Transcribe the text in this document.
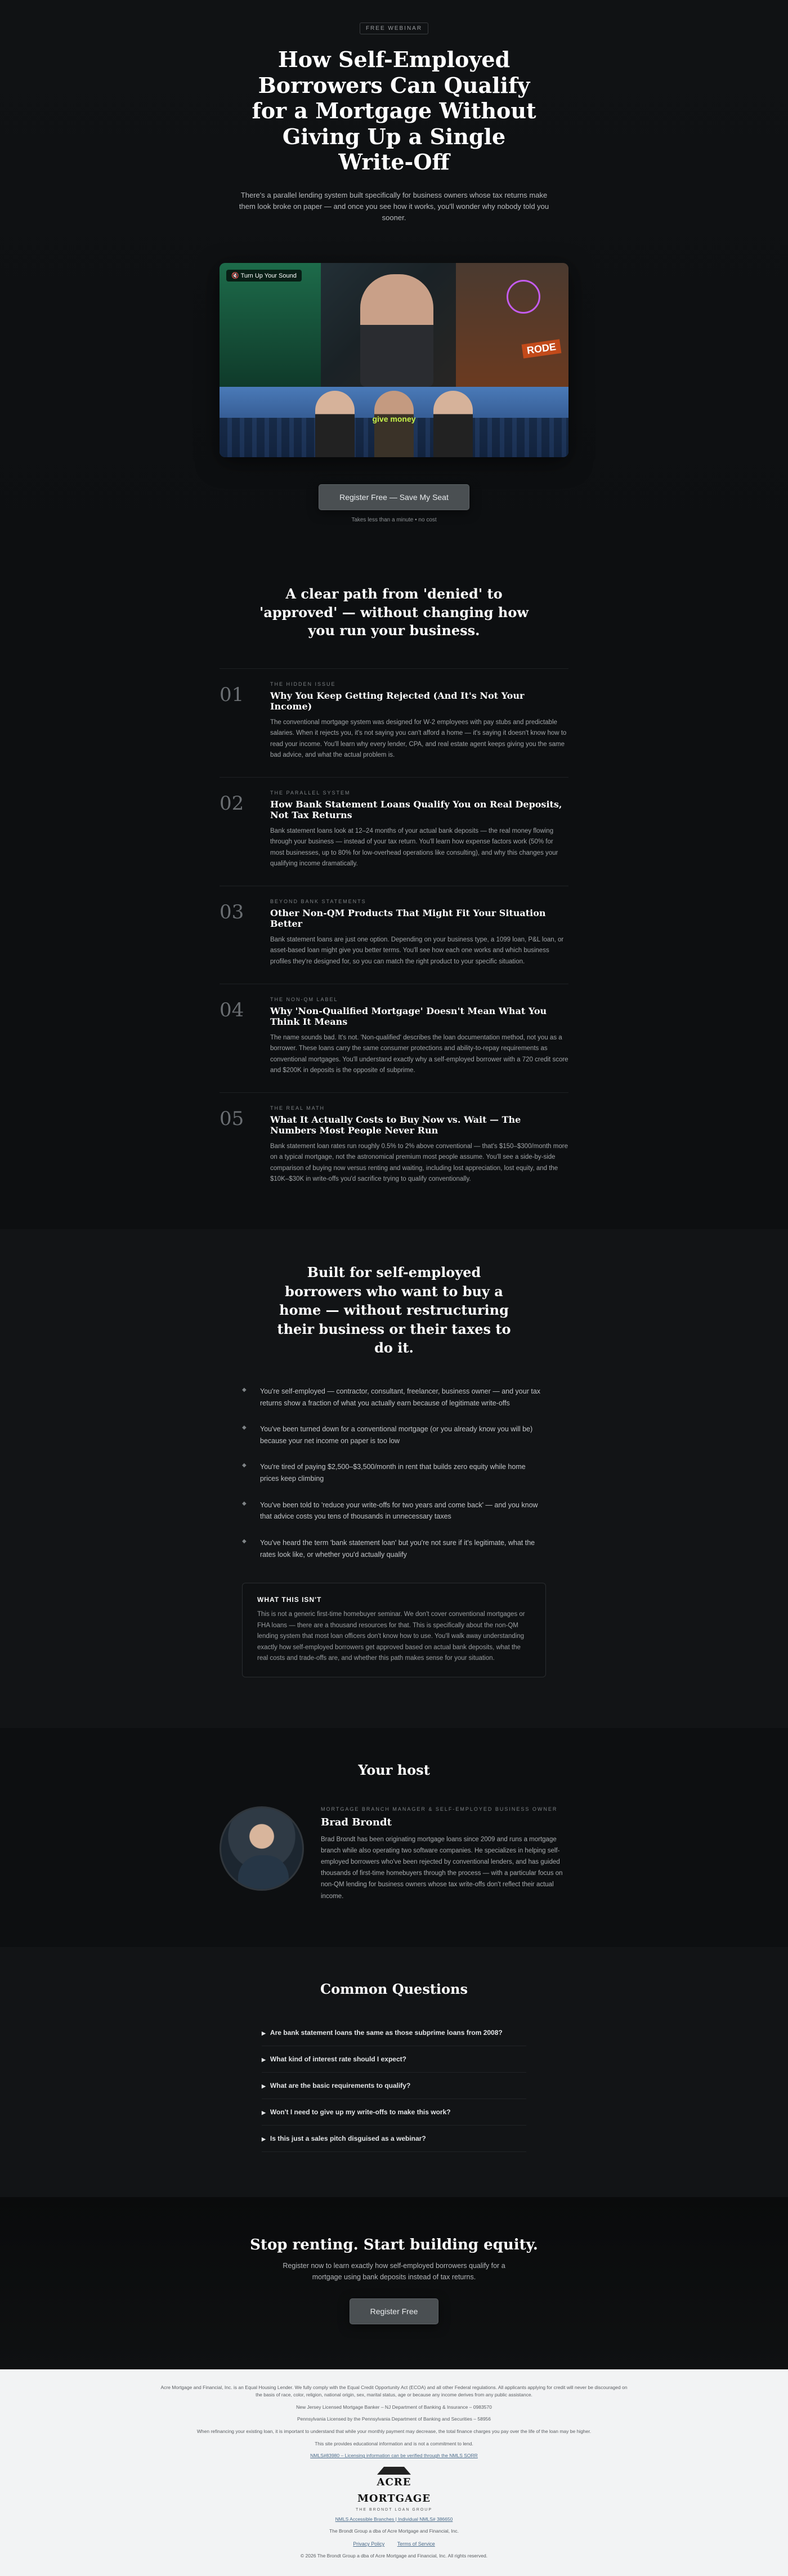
FREE WEBINAR
How Self-Employed Borrowers Can Qualify for a Mortgage Without Giving Up a Single Write-Off

There's a parallel lending system built specifically for business owners whose tax returns make them look broke on paper — and once you see how it works, you'll wonder why nobody told you sooner.

RODE
give money
🔇 Turn Up Your Sound
Register Free — Save My Seat
Takes less than a minute • no cost
A clear path from 'denied' to 'approved' — without changing how you run your business.
01	THE HIDDEN ISSUE
Why You Keep Getting Rejected (And It's Not Your Income)

The conventional mortgage system was designed for W-2 employees with pay stubs and predictable salaries. When it rejects you, it's not saying you can't afford a home — it's saying it doesn't know how to read your income. You'll learn why every lender, CPA, and real estate agent keeps giving you the same bad advice, and what the actual problem is.

02	THE PARALLEL SYSTEM
How Bank Statement Loans Qualify You on Real Deposits, Not Tax Returns

Bank statement loans look at 12–24 months of your actual bank deposits — the real money flowing through your business — instead of your tax return. You'll learn how expense factors work (50% for most businesses, up to 80% for low-overhead operations like consulting), and why this changes your qualifying income dramatically.

03	BEYOND BANK STATEMENTS
Other Non-QM Products That Might Fit Your Situation Better

Bank statement loans are just one option. Depending on your business type, a 1099 loan, P&L loan, or asset-based loan might give you better terms. You'll see how each one works and which business profiles they're designed for, so you can match the right product to your specific situation.

04	THE NON-QM LABEL
Why 'Non-Qualified Mortgage' Doesn't Mean What You Think It Means

The name sounds bad. It's not. 'Non-qualified' describes the loan documentation method, not you as a borrower. These loans carry the same consumer protections and ability-to-repay requirements as conventional mortgages. You'll understand exactly why a self-employed borrower with a 720 credit score and $200K in deposits is the opposite of subprime.

05	THE REAL MATH
What It Actually Costs to Buy Now vs. Wait — The Numbers Most People Never Run

Bank statement loan rates run roughly 0.5% to 2% above conventional — that's $150–$300/month more on a typical mortgage, not the astronomical premium most people assume. You'll see a side-by-side comparison of buying now versus renting and waiting, including lost appreciation, lost equity, and the $10K–$30K in write-offs you'd sacrifice trying to qualify conventionally.

Built for self-employed borrowers who want to buy a home — without restructuring their business or their taxes to do it.
◆ You're self-employed — contractor, consultant, freelancer, business owner — and your tax returns show a fraction of what you actually earn because of legitimate write-offs
◆ You've been turned down for a conventional mortgage (or you already know you will be) because your net income on paper is too low
◆ You're tired of paying $2,500–$3,500/month in rent that builds zero equity while home prices keep climbing
◆ You've been told to 'reduce your write-offs for two years and come back' — and you know that advice costs you tens of thousands in unnecessary taxes
◆ You've heard the term 'bank statement loan' but you're not sure if it's legitimate, what the rates look like, or whether you'd actually qualify
WHAT THIS ISN'T

This is not a generic first-time homebuyer seminar. We don't cover conventional mortgages or FHA loans — there are a thousand resources for that. This is specifically about the non-QM lending system that most loan officers don't know how to use. You'll walk away understanding exactly how self-employed borrowers get approved based on actual bank deposits, what the real costs and trade-offs are, and whether this path makes sense for your situation.

Your host
MORTGAGE BRANCH MANAGER & SELF-EMPLOYED BUSINESS OWNER
Brad Brondt

Brad Brondt has been originating mortgage loans since 2009 and runs a mortgage branch while also operating two software companies. He specializes in helping self-employed borrowers who've been rejected by conventional lenders, and has guided thousands of first-time homebuyers through the process — with a particular focus on non-QM lending for business owners whose tax write-offs don't reflect their actual income.

Common Questions
▶ Are bank statement loans the same as those subprime loans from 2008?
▶ What kind of interest rate should I expect?
▶ What are the basic requirements to qualify?
▶ Won't I need to give up my write-offs to make this work?
▶ Is this just a sales pitch disguised as a webinar?
Stop renting. Start building equity.

Register now to learn exactly how self-employed borrowers qualify for a mortgage using bank deposits instead of tax returns.

Register Free

Acre Mortgage and Financial, Inc. is an Equal Housing Lender. We fully comply with the Equal Credit Opportunity Act (ECOA) and all other Federal regulations. All applicants applying for credit will never be discouraged on the basis of race, color, religion, national origin, sex, marital status, age or because any income derives from any public assistance.

New Jersey Licensed Mortgage Banker – NJ Department of Banking & Insurance – 0983570

Pennsylvania Licensed by the Pennsylvania Department of Banking and Securities – 58956

When refinancing your existing loan, it is important to understand that while your monthly payment may decrease, the total finance charges you pay over the life of the loan may be higher.

This site provides educational information and is not a commitment to lend.

NMLS#83980 – Licensing information can be verified through the NMLS SORR

ACRE MORTGAGE
THE BRONDT LOAN GROUP

NMLS Accessible Branches | Individual NMLS# 386650

The Brondt Group a dba of Acre Mortgage and Financial, Inc.

Privacy Policy	Terms of Service

© 2026 The Brondt Group a dba of Acre Mortgage and Financial, Inc. All rights reserved.
